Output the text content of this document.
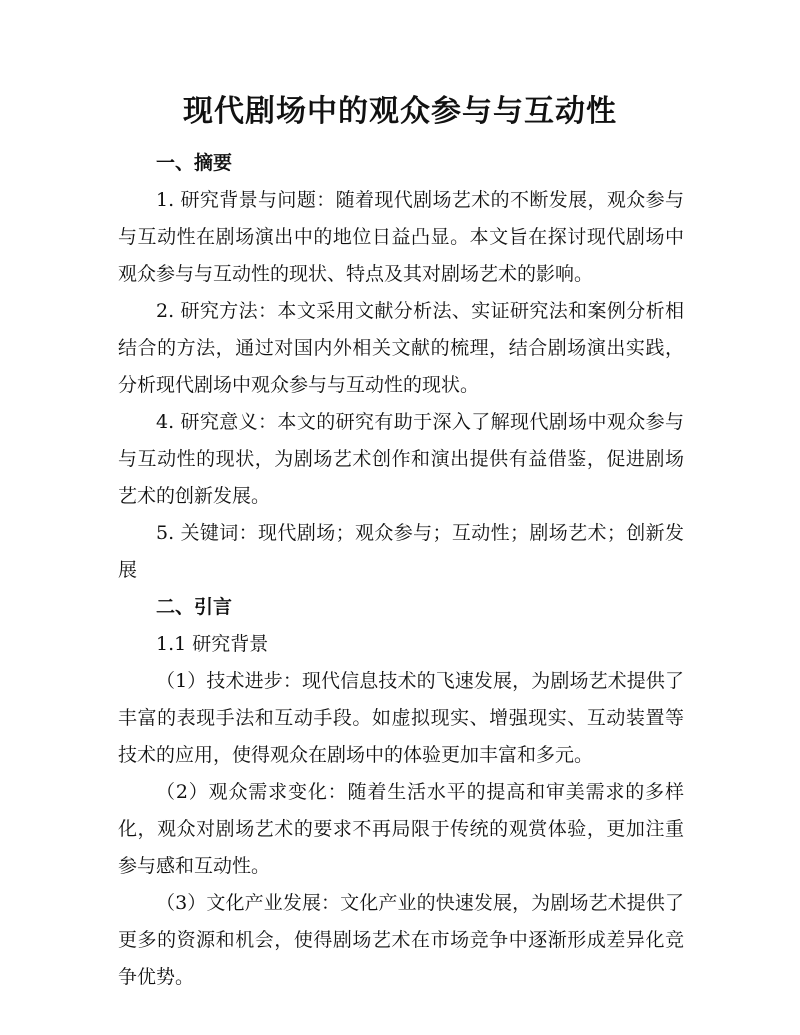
现代剧场中的观众参与与互动性
一、摘要

1. 研究背景与问题：随着现代剧场艺术的不断发展，观众参与与互动性在剧场演出中的地位日益凸显。本文旨在探讨现代剧场中观众参与与互动性的现状、特点及其对剧场艺术的影响。

2. 研究方法：本文采用文献分析法、实证研究法和案例分析相结合的方法，通过对国内外相关文献的梳理，结合剧场演出实践，分析现代剧场中观众参与与互动性的现状。

4. 研究意义：本文的研究有助于深入了解现代剧场中观众参与与互动性的现状，为剧场艺术创作和演出提供有益借鉴，促进剧场艺术的创新发展。

5. 关键词：现代剧场；观众参与；互动性；剧场艺术；创新发展

二、引言
1.1 研究背景

（1）技术进步：现代信息技术的飞速发展，为剧场艺术提供了丰富的表现手法和互动手段。如虚拟现实、增强现实、互动装置等技术的应用，使得观众在剧场中的体验更加丰富和多元。

（2）观众需求变化：随着生活水平的提高和审美需求的多样化，观众对剧场艺术的要求不再局限于传统的观赏体验，更加注重参与感和互动性。

（3）文化产业发展：文化产业的快速发展，为剧场艺术提供了更多的资源和机会，使得剧场艺术在市场竞争中逐渐形成差异化竞争优势。
